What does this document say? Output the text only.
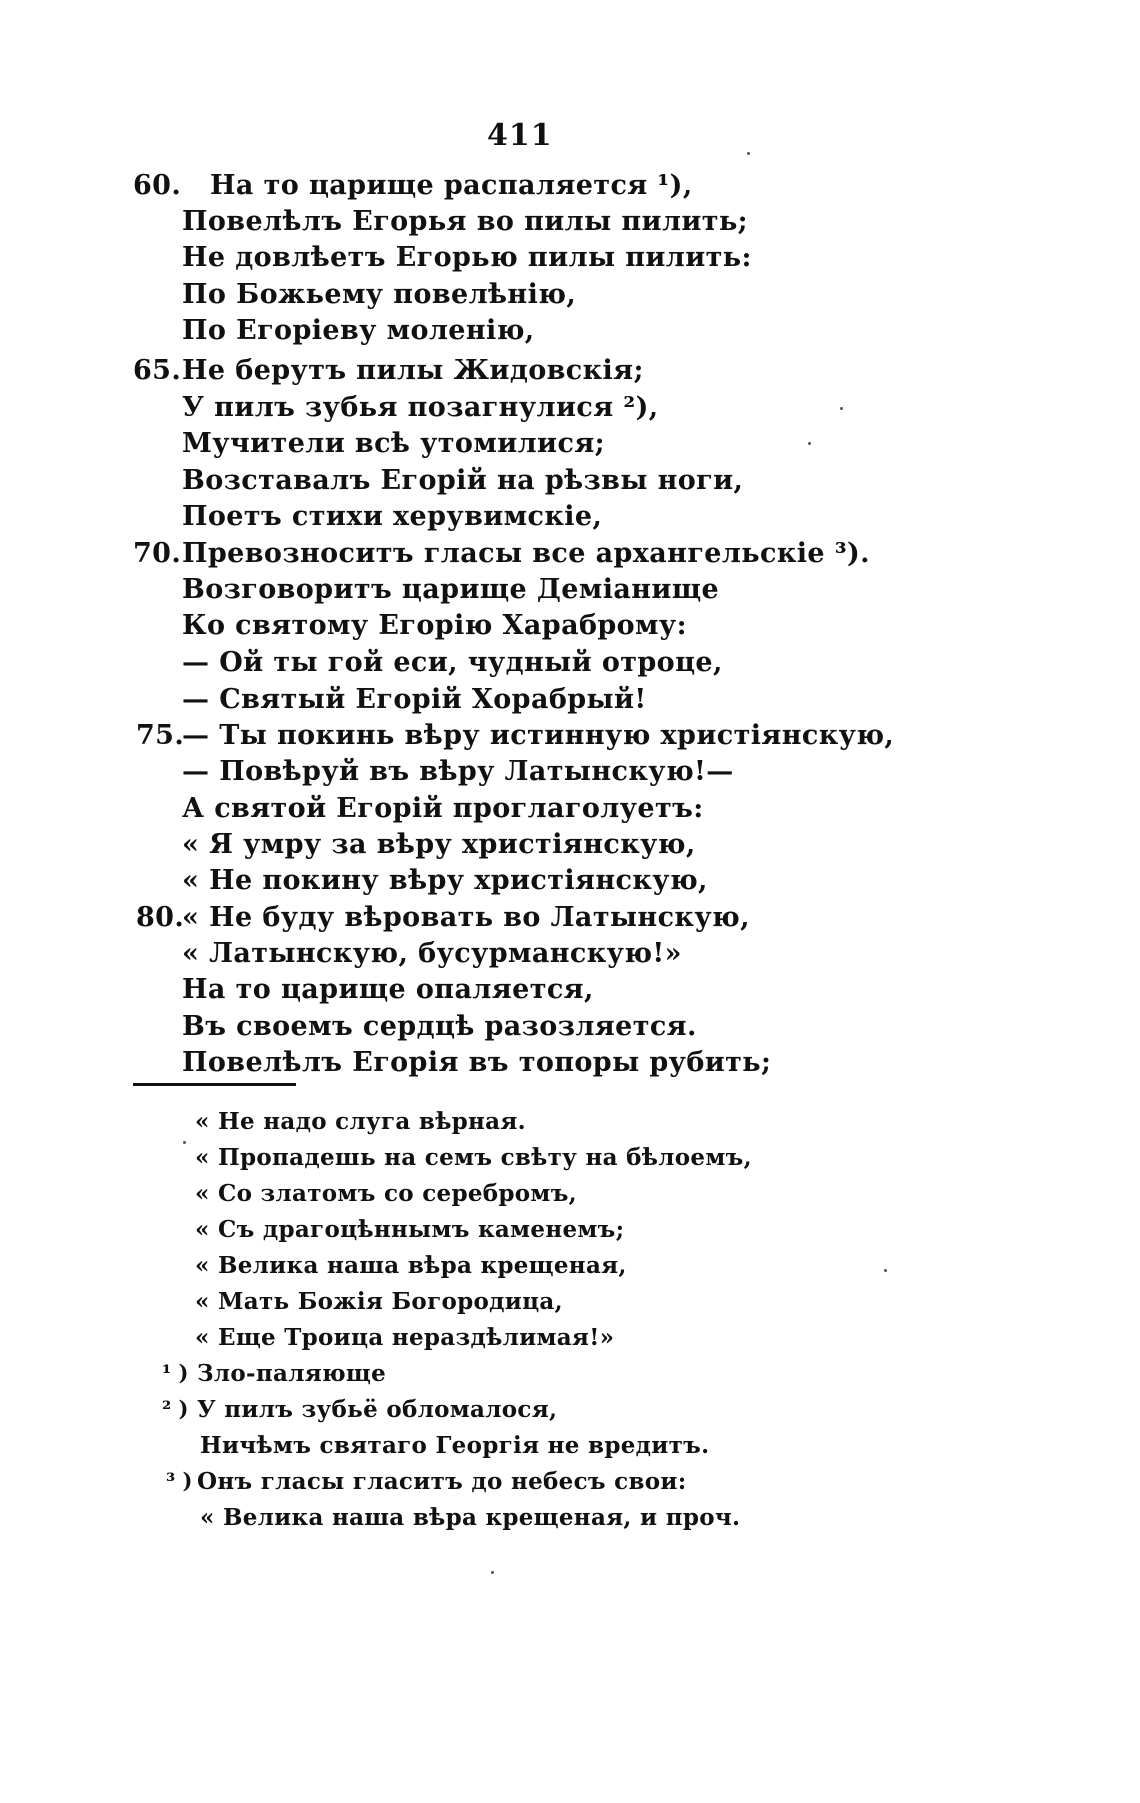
411
60.	На то царище распаляется ¹),
Повелѣлъ Егорья во пилы пилить;
Не довлѣетъ Егорью пилы пилить:
По Божьему повелѣнію,
По Егоріеву моленію,
65. Не берутъ пилы Жидовскія;
У пилъ зубья позагнулися ²),
Мучители всѣ утомилися;
Возставалъ Егорій на рѣзвы ноги,
Поетъ стихи херувимскіе,
70. Превозноситъ гласы все архангельскіе ³).
Возговоритъ царище Деміанище
Ко святому Егорію Хараброму:
— Ой ты гой еси, чудный отроце,
— Святый Егорій Хорабрый!
75.
— Ты покинь вѣру истинную христіянскую,
— Повѣруй въ вѣру Латынскую!—
А святой Егорій проглаголуетъ:
« Я умру за вѣру христіянскую,
« Не покину вѣру христіянскую,
80.
« Не буду вѣровать во Латынскую,
« Латынскую, бусурманскую!»
На то царище опаляется,
Въ своемъ сердцѣ разозляется.
Повелѣлъ Егорія въ топоры рубить;
« Не надо слуга вѣрная.
« Пропадешь на семъ свѣту на бѣлоемъ,
« Со златомъ со серебромъ,
« Съ драгоцѣннымъ каменемъ;
« Велика наша вѣра крещеная,
« Мать Божія Богородица,
« Еще Троица нераздѣлимая!»
¹ ) Зло-паляюще
² ) У пилъ зубьё обломалося,
Ничѣмъ святаго Георгія не вредитъ.
³ ) Онъ гласы гласитъ до небесъ свои:
« Велика наша вѣра крещеная, и проч.
